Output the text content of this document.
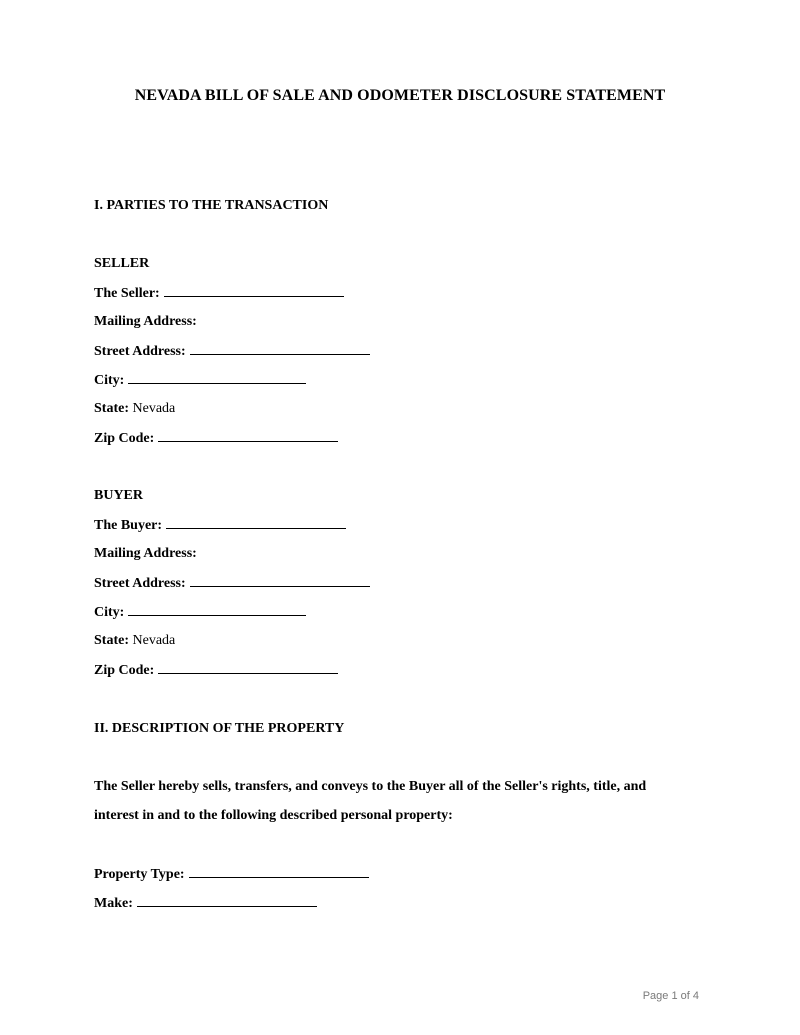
NEVADA BILL OF SALE AND ODOMETER DISCLOSURE STATEMENT
I. PARTIES TO THE TRANSACTION
SELLER
The Seller:
Mailing Address:
Street Address:
City:
State: Nevada
Zip Code:
BUYER
The Buyer:
Mailing Address:
Street Address:
City:
State: Nevada
Zip Code:
II. DESCRIPTION OF THE PROPERTY
The Seller hereby sells, transfers, and conveys to the Buyer all of the Seller's rights, title, and
interest in and to the following described personal property:
Property Type:
Make:
Page 1 of 4
